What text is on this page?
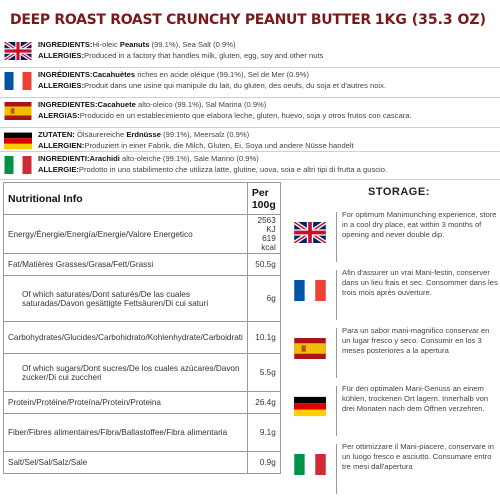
DEEP ROAST ROAST CRUNCHY PEANUT BUTTER 1KG (35.3 OZ)
INGREDIENTS:Hi-oleic Peanuts (99.1%), Sea Salt (0.9%)
ALLERGIES:Produced in a factory that handles milk, gluten, egg, soy and other nuts
INGRÉDIENTS:Cacahuètes riches en acide oléique (99.1%), Sel de Mer (0.9%)
ALLERGIES:Produit dans une usine qui manipule du lait, du gluten, des oeufs, du soja et d'autres noix.
INGREDIENTES:Cacahuete alto-oleico (99.1%), Sal Marina (0.9%)
ALERGIAS:Producido en un establecimiento que elabora leche, gluten, huevo, soja y otros frutos con cascara.
ZUTATEN: Ölsäurereiche Erdnüsse (99.1%), Meersalz (0.9%)
ALLERGIEN:Produziert in einer Fabrik, die Milch, Gluten, Ei, Soya und andere Nüsse handelt
INGREDIENTI:Arachidi alto-oleiche (99.1%), Sale Marino (0.9%)
ALLERGIE:Prodotto in uno stabilimento che utilizza latte, glutine, uova, soia e altri tipi di frutta a guscio.
Nutritional Info	Per 100g
Energy/Énergie/Energía/Energie/Valore Energetico	2563 KJ 619 kcal
Fat/Matières Grasses/Grasa/Fett/Grassi	50.5g
Of which saturates/Dont saturés/De las cuales saturadas/Davon gesättigte Fettsäuren/Di cui saturi	6g
Carbohydrates/Glucides/Carbohidrato/Kohlenhydrate/Carboidrati	10.1g
Of which sugars/Dont sucres/De los cuales azúcares/Davon zucker/Di cui zuccheri	5.5g
Protein/Protéine/Proteína/Protein/Proteina	26.4g
Fiber/Fibres alimentaires/Fibra/Ballastoffee/Fibra alimentaria	9.1g
Salt/Sel/Sal/Salz/Sale	0.9g
STORAGE:
For optimum Manimunching experience, store in a cool dry place, eat within 3 months of opening and never double dip.
Afin d'assurer un vrai Mani-festin, conserver dans un lieu frais et sec. Consommer dans les trois mois après ouverture.
Para un sabor mani-magnifico conservar en un lugar fresco y seco. Consumir en los 3 meses posteriores a la apertura
Für den optimalen Mani-Genuss an einem kühlen, trockenen Ort lagern. Innerhalb von drei Monaten nach dem Öffnen verzehren.
Per ottimizzare il Mani-piacere, conservare in un luogo fresco e asciutto. Consumare entro tre mesi dall'apertura
